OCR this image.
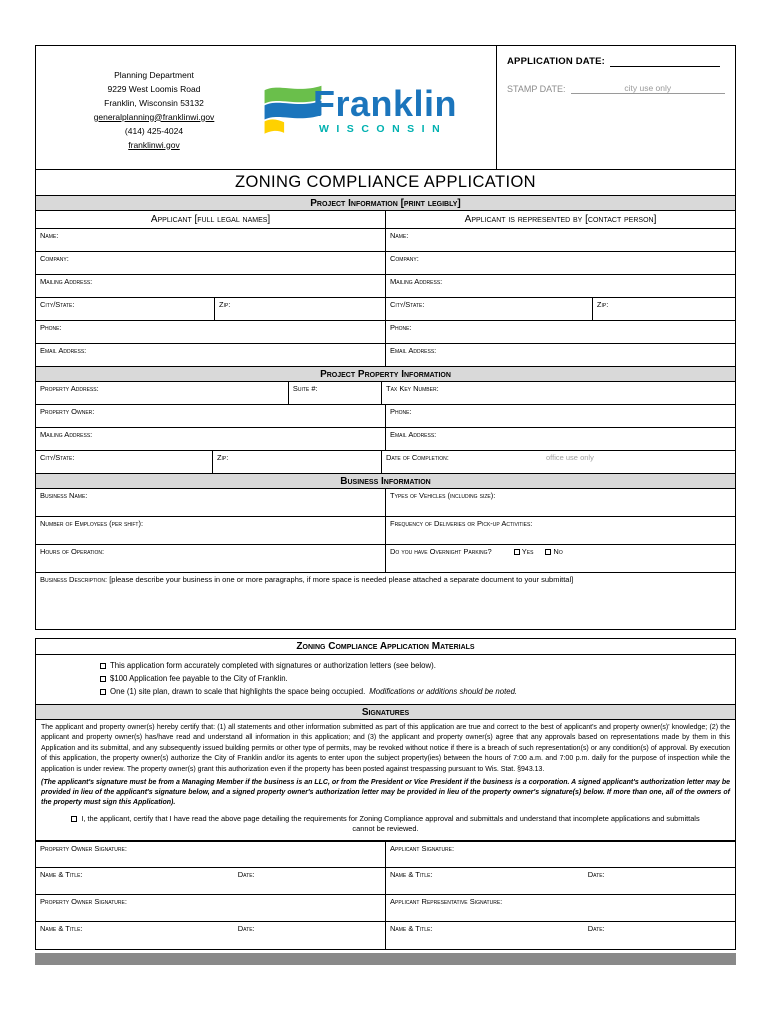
Planning Department
9229 West Loomis Road
Franklin, Wisconsin 53132
generalplanning@franklinwi.gov
(414) 425-4024
franklinwi.gov
Franklin
WISCONSIN
APPLICATION DATE:
STAMP DATE:	city use only
ZONING COMPLIANCE APPLICATION
Project Information [print legibly]
Applicant [full legal names]	Applicant is represented by [contact person]
Name:	Name:
Company:	Company:
Mailing Address:	Mailing Address:
City/State:	Zip:	City/State:	Zip:
Phone:	Phone:
Email Address:	Email Address:
Project Property Information
Property Address:	Suite #:	Tax Key Number:
Property Owner:	Phone:
Mailing Address:	Email Address:
City/State:	Zip:	Date of Completion:	office use only
Business Information
Business Name:	Types of Vehicles (including size):
Number of Employees (per shift):	Frequency of Deliveries or Pick-up Activities:
Hours of Operation:	Do you have Overnight Parking?	Yes	No
Business Description: [please describe your business in one or more paragraphs, if more space is needed please attached a separate document to your submittal]
Zoning Compliance Application Materials
This application form accurately completed with signatures or authorization letters (see below).
$100 Application fee payable to the City of Franklin.
One (1) site plan, drawn to scale that highlights the space being occupied. Modifications or additions should be noted.
Signatures
The applicant and property owner(s) hereby certify that: (1) all statements and other information submitted as part of this application are true and correct to the best of applicant's and property owner(s)' knowledge; (2) the applicant and property owner(s) has/have read and understand all information in this application; and (3) the applicant and property owner(s) agree that any approvals based on representations made by them in this Application and its submittal, and any subsequently issued building permits or other type of permits, may be revoked without notice if there is a breach of such representation(s) or any condition(s) of approval. By execution of this application, the property owner(s) authorize the City of Franklin and/or its agents to enter upon the subject property(ies) between the hours of 7:00 a.m. and 7:00 p.m. daily for the purpose of inspection while the application is under review. The property owner(s) grant this authorization even if the property has been posted against trespassing pursuant to Wis. Stat. §943.13.
(The applicant's signature must be from a Managing Member if the business is an LLC, or from the President or Vice President if the business is a corporation. A signed applicant's authorization letter may be provided in lieu of the applicant's signature below, and a signed property owner's authorization letter may be provided in lieu of the property owner's signature(s) below. If more than one, all of the owners of the property must sign this Application).
I, the applicant, certify that I have read the above page detailing the requirements for Zoning Compliance approval and submittals and understand that incomplete applications and submittals cannot be reviewed.
Property Owner Signature:	Applicant Signature:
Name & Title:	Date:	Name & Title:	Date:
Property Owner Signature:	Applicant Representative Signature:
Name & Title:	Date:	Name & Title:	Date:
